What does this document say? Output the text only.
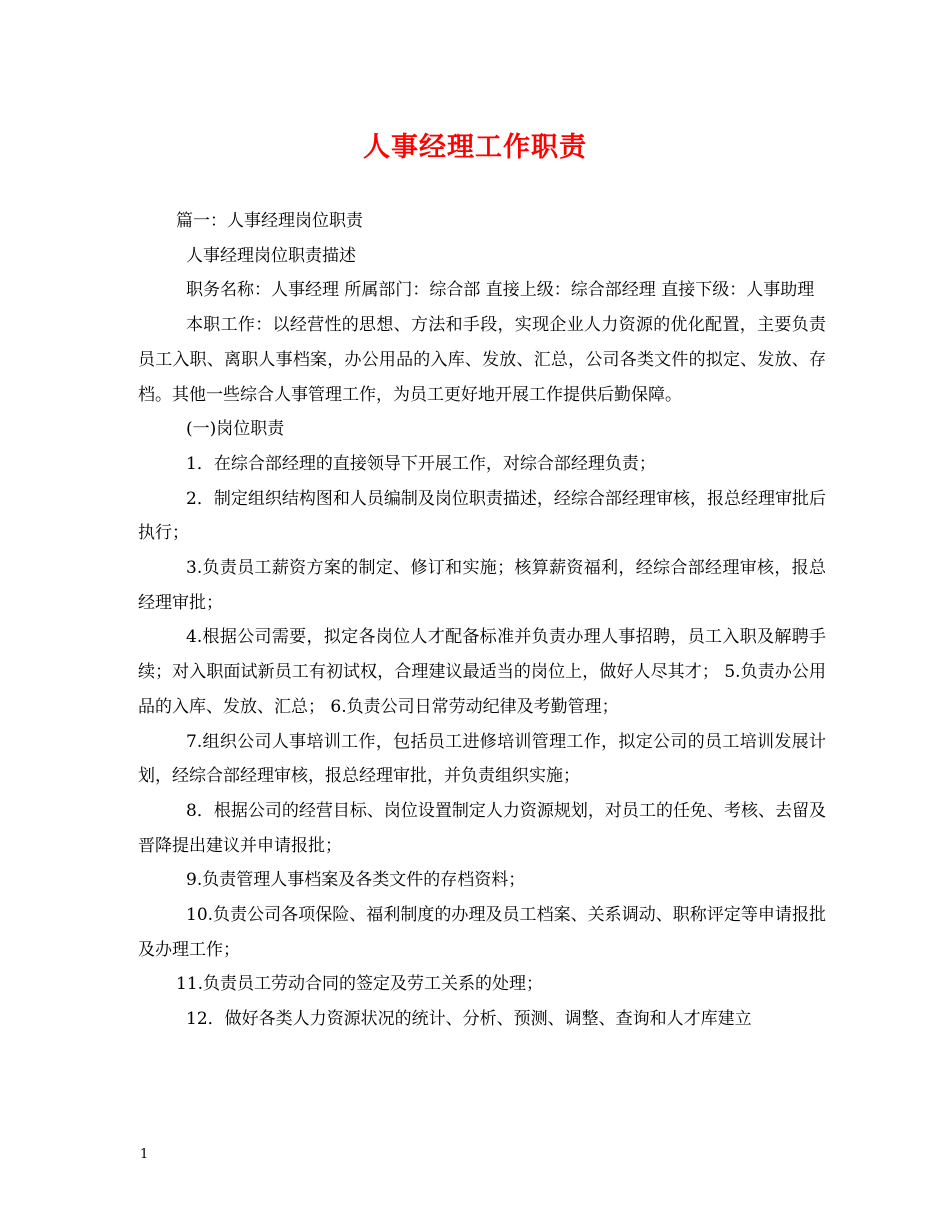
人事经理工作职责

篇一：人事经理岗位职责

人事经理岗位职责描述

职务名称：人事经理 所属部门：综合部 直接上级：综合部经理 直接下级：人事助理

本职工作：以经营性的思想、方法和手段，实现企业人力资源的优化配置，主要负责员工入职、离职人事档案，办公用品的入库、发放、汇总，公司各类文件的拟定、发放、存档。其他一些综合人事管理工作，为员工更好地开展工作提供后勤保障。

(一)岗位职责

1．在综合部经理的直接领导下开展工作，对综合部经理负责；

2．制定组织结构图和人员编制及岗位职责描述，经综合部经理审核，报总经理审批后执行；

3.负责员工薪资方案的制定、修订和实施；核算薪资福利，经综合部经理审核，报总经理审批；

4.根据公司需要，拟定各岗位人才配备标准并负责办理人事招聘，员工入职及解聘手续；对入职面试新员工有初试权，合理建议最适当的岗位上，做好人尽其才； 5.负责办公用品的入库、发放、汇总； 6.负责公司日常劳动纪律及考勤管理；

7.组织公司人事培训工作，包括员工进修培训管理工作，拟定公司的员工培训发展计划，经综合部经理审核，报总经理审批，并负责组织实施；

8．根据公司的经营目标、岗位设置制定人力资源规划，对员工的任免、考核、去留及晋降提出建议并申请报批；

9.负责管理人事档案及各类文件的存档资料；

10.负责公司各项保险、福利制度的办理及员工档案、关系调动、职称评定等申请报批及办理工作；

11.负责员工劳动合同的签定及劳工关系的处理；

12．做好各类人力资源状况的统计、分析、预测、调整、查询和人才库建立

1
